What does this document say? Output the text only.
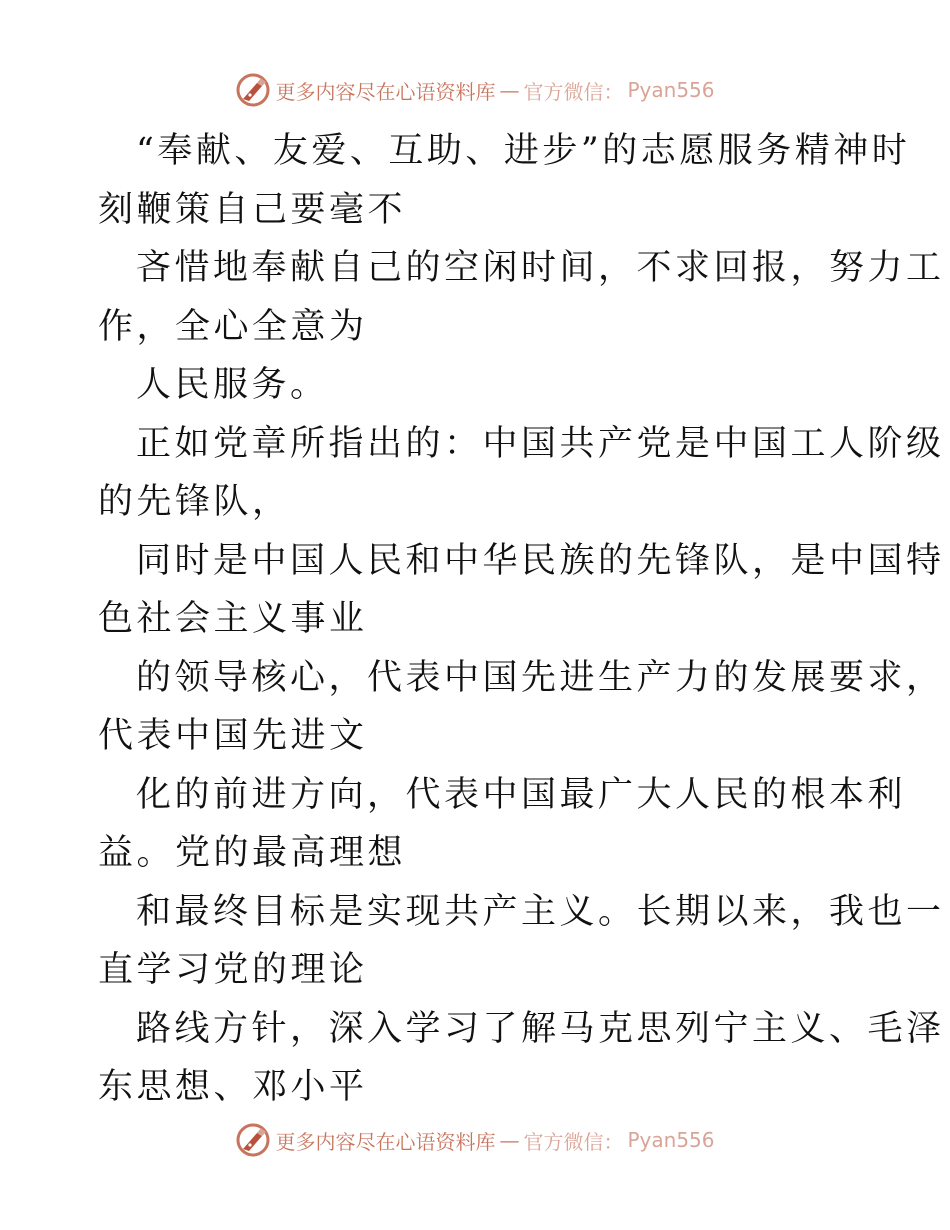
更多内容尽在心语资料库 — 官方微信： Pyan556

“奉献、友爱、互助、进步”的志愿服务精神时

刻鞭策自己要毫不

吝惜地奉献自己的空闲时间，不求回报，努力工

作，全心全意为

人民服务。

正如党章所指出的：中国共产党是中国工人阶级

的先锋队，

同时是中国人民和中华民族的先锋队，是中国特

色社会主义事业

的领导核心，代表中国先进生产力的发展要求，

代表中国先进文

化的前进方向，代表中国最广大人民的根本利

益。党的最高理想

和最终目标是实现共产主义。长期以来，我也一

直学习党的理论

路线方针，深入学习了解马克思列宁主义、毛泽

东思想、邓小平

更多内容尽在心语资料库 — 官方微信： Pyan556
